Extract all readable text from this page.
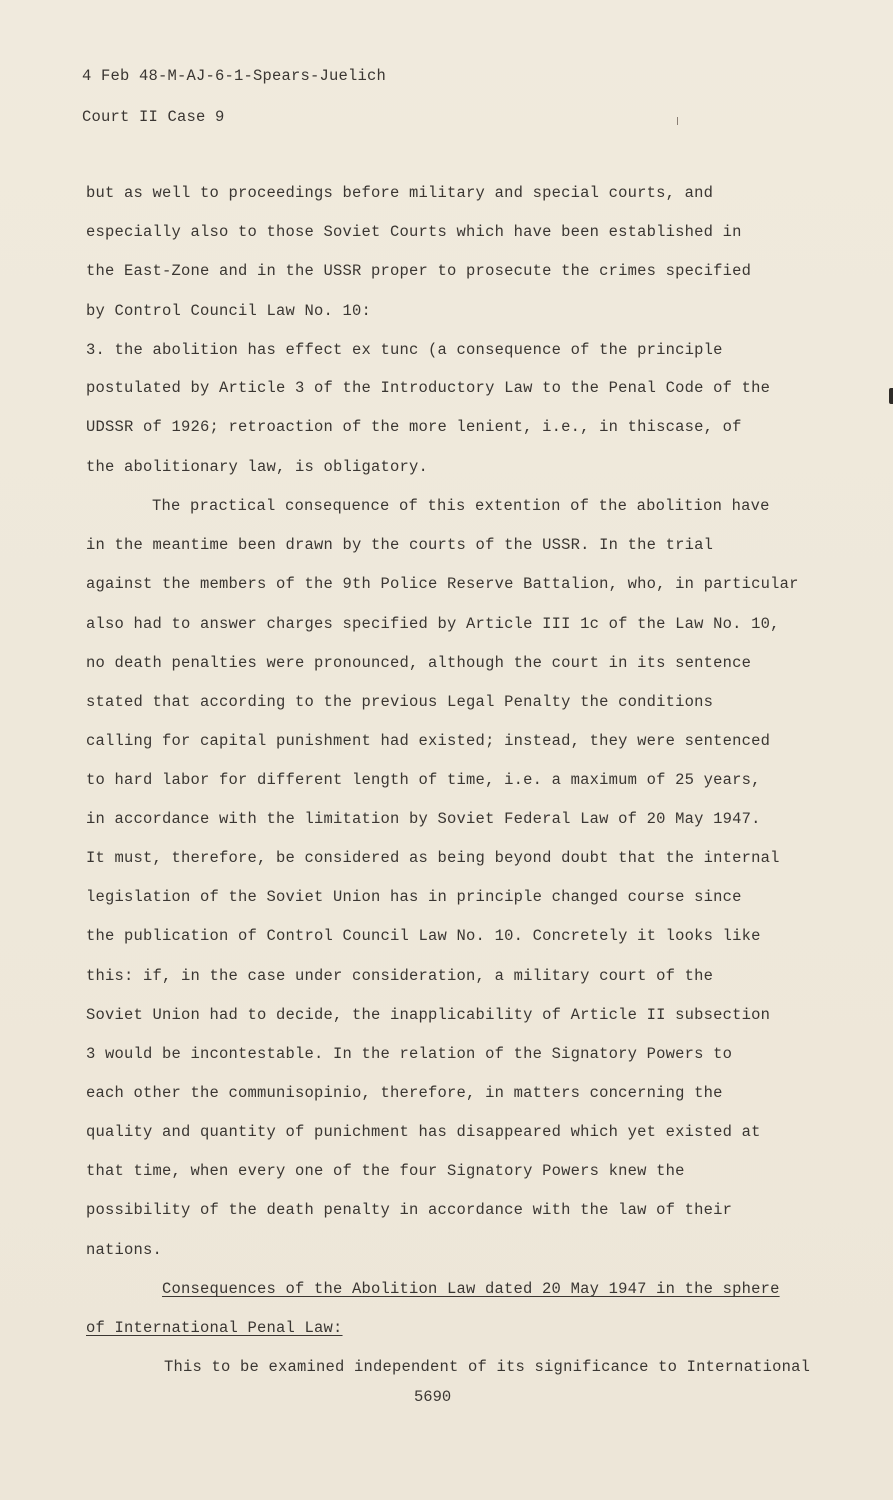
4 Feb 48-M-AJ-6-1-Spears-Juelich
Court II Case 9
but as well to proceedings before military and special courts, and
especially also to those Soviet Courts which have been established in
the East-Zone and in the USSR proper to prosecute the crimes specified
by Control Council Law No. 10:
3. the abolition has effect ex tunc (a consequence of the principle
postulated by Article 3 of the Introductory Law to the Penal Code of the
UDSSR of 1926; retroaction of the more lenient, i.e., in thiscase, of
the abolitionary law, is obligatory.
The practical consequence of this extention of the abolition have
in the meantime been drawn by the courts of the USSR. In the trial
against the members of the 9th Police Reserve Battalion, who, in particular
also had to answer charges specified by Article III 1c of the Law No. 10,
no death penalties were pronounced, although the court in its sentence
stated that according to the previous Legal Penalty the conditions
calling for capital punishment had existed; instead, they were sentenced
to hard labor for different length of time, i.e. a maximum of 25 years,
in accordance with the limitation by Soviet Federal Law of 20 May 1947.
It must, therefore, be considered as being beyond doubt that the internal
legislation of the Soviet Union has in principle changed course since
the publication of Control Council Law No. 10. Concretely it looks like
this: if, in the case under consideration, a military court of the
Soviet Union had to decide, the inapplicability of Article II subsection
3 would be incontestable. In the relation of the Signatory Powers to
each other the communisopinio, therefore, in matters concerning the
quality and quantity of punichment has disappeared which yet existed at
that time, when every one of the four Signatory Powers knew the
possibility of the death penalty in accordance with the law of their
nations.
Consequences of the Abolition Law dated 20 May 1947 in the sphere
of International Penal Law:
This to be examined independent of its significance to International
5690
